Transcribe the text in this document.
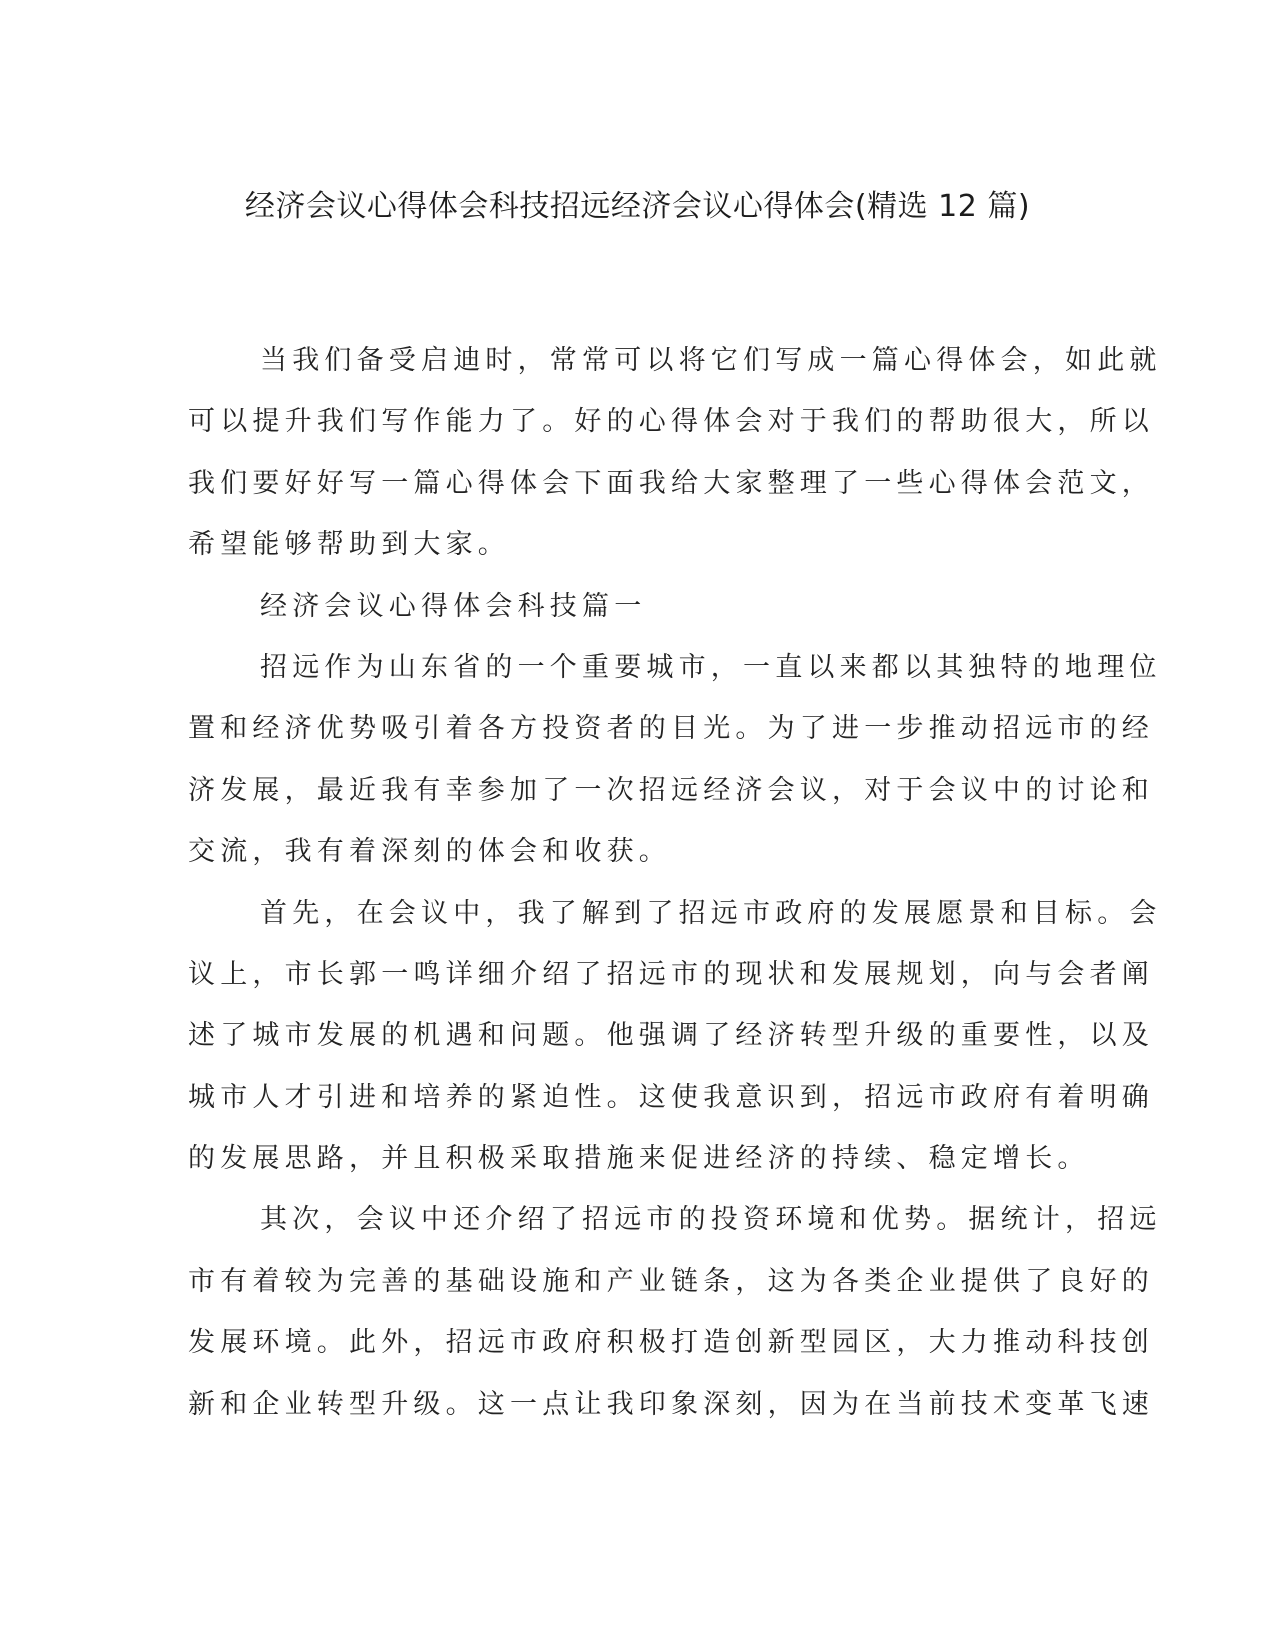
经济会议心得体会科技招远经济会议心得体会(精选 12 篇)
当我们备受启迪时，常常可以将它们写成一篇心得体会，如此就
可以提升我们写作能力了。好的心得体会对于我们的帮助很大，所以
我们要好好写一篇心得体会下面我给大家整理了一些心得体会范文，
希望能够帮助到大家。
经济会议心得体会科技篇一
招远作为山东省的一个重要城市，一直以来都以其独特的地理位
置和经济优势吸引着各方投资者的目光。为了进一步推动招远市的经
济发展，最近我有幸参加了一次招远经济会议，对于会议中的讨论和
交流，我有着深刻的体会和收获。
首先，在会议中，我了解到了招远市政府的发展愿景和目标。会
议上，市长郭一鸣详细介绍了招远市的现状和发展规划，向与会者阐
述了城市发展的机遇和问题。他强调了经济转型升级的重要性，以及
城市人才引进和培养的紧迫性。这使我意识到，招远市政府有着明确
的发展思路，并且积极采取措施来促进经济的持续、稳定增长。
其次，会议中还介绍了招远市的投资环境和优势。据统计，招远
市有着较为完善的基础设施和产业链条，这为各类企业提供了良好的
发展环境。此外，招远市政府积极打造创新型园区，大力推动科技创
新和企业转型升级。这一点让我印象深刻，因为在当前技术变革飞速
